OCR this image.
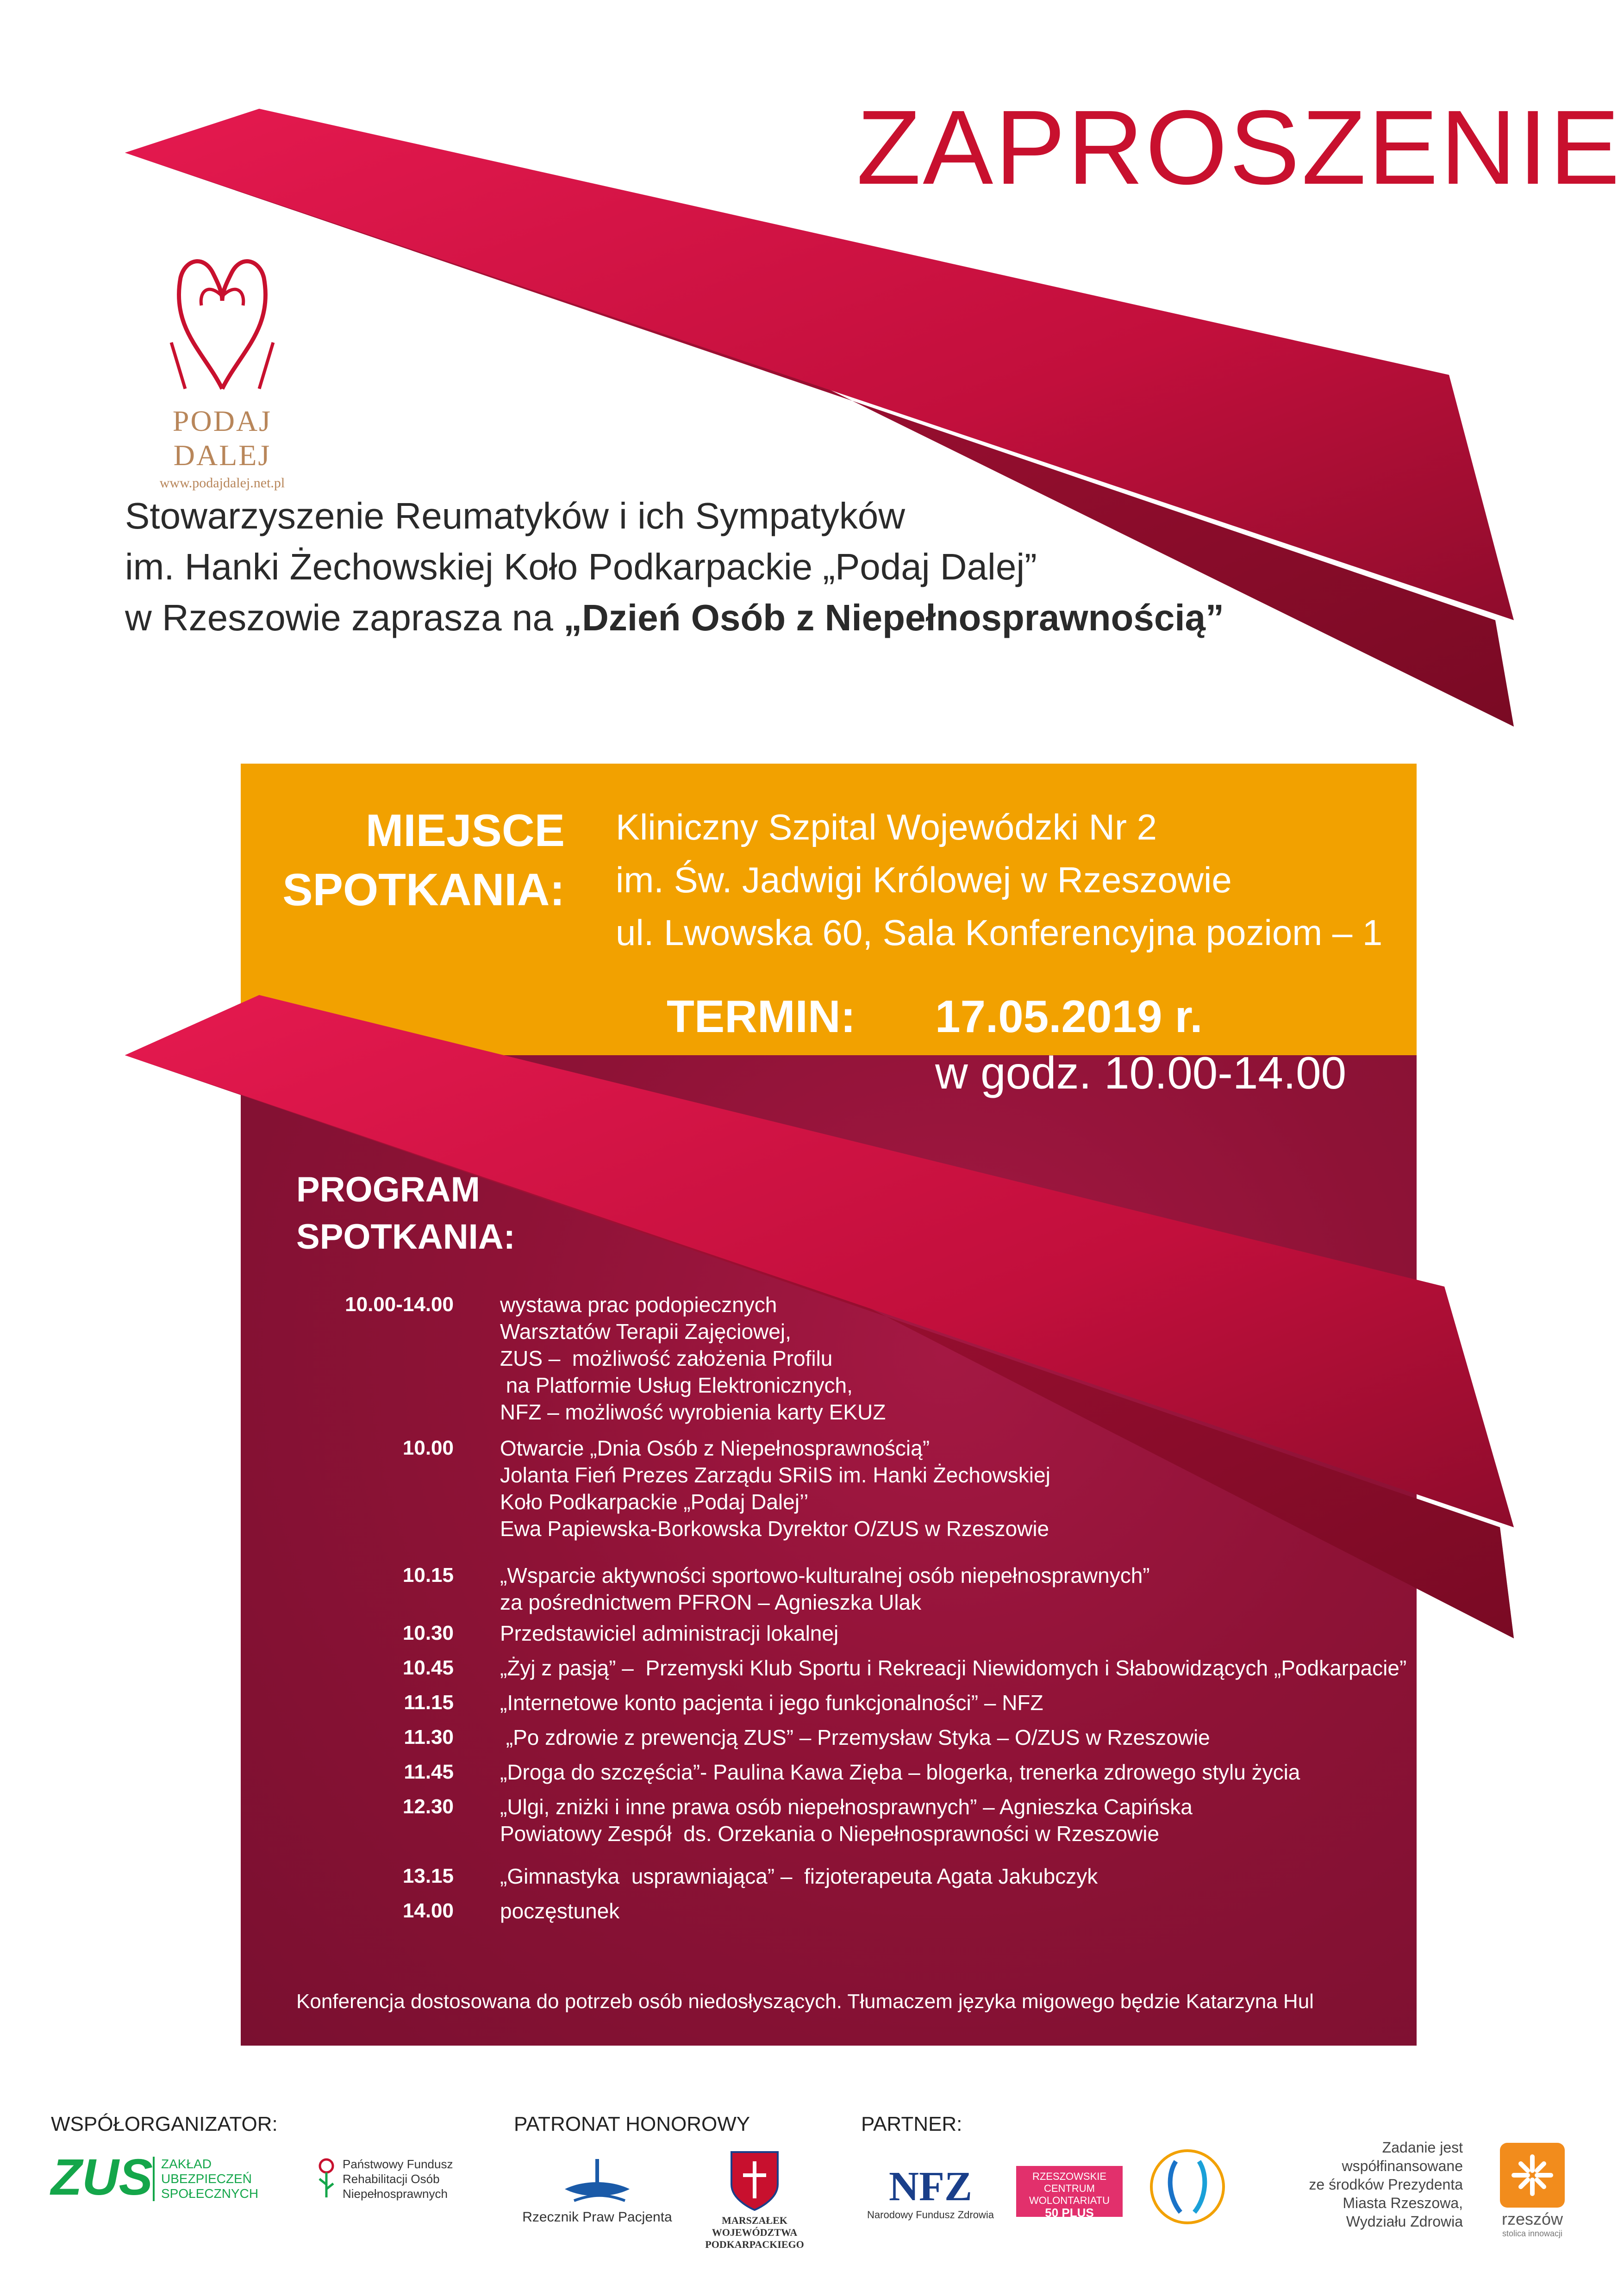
ZAPROSZENIE
PODAJ DALEJ
www.podajdalej.net.pl
Stowarzyszenie Reumatyków i ich Sympatyków
im. Hanki Żechowskiej Koło Podkarpackie „Podaj Dalej”
w Rzeszowie zaprasza na „Dzień Osób z Niepełnosprawnością”
MIEJSCE
SPOTKANIA:
Kliniczny Szpital Wojewódzki Nr 2
im. Św. Jadwigi Królowej w Rzeszowie
ul. Lwowska 60, Sala Konferencyjna poziom – 1
TERMIN: 17.05.2019 r.
w godz. 10.00-14.00
PROGRAM
SPOTKANIA:
10.00-14.00 wystawa prac podopiecznych
Warsztatów Terapii Zajęciowej,
ZUS –  możliwość założenia Profilu
na Platformie Usług Elektronicznych,
NFZ – możliwość wyrobienia karty EKUZ
10.00 Otwarcie „Dnia Osób z Niepełnosprawnością”
Jolanta Fień Prezes Zarządu SRiIS im. Hanki Żechowskiej
Koło Podkarpackie „Podaj Dalej’’
Ewa Papiewska-Borkowska Dyrektor O/ZUS w Rzeszowie
10.15 „Wsparcie aktywności sportowo-kulturalnej osób niepełnosprawnych”
za pośrednictwem PFRON – Agnieszka Ulak
10.30 Przedstawiciel administracji lokalnej
10.45 „Żyj z pasją” –  Przemyski Klub Sportu i Rekreacji Niewidomych i Słabowidzących „Podkarpacie”
11.15 „Internetowe konto pacjenta i jego funkcjonalności” – NFZ
11.30 „Po zdrowie z prewencją ZUS” – Przemysław Styka – O/ZUS w Rzeszowie
11.45 „Droga do szczęścia”- Paulina Kawa Zięba – blogerka, trenerka zdrowego stylu życia
12.30 „Ulgi, zniżki i inne prawa osób niepełnosprawnych” – Agnieszka Capińska
Powiatowy Zespół  ds. Orzekania o Niepełnosprawności w Rzeszowie
13.15 „Gimnastyka  usprawniająca” –  fizjoterapeuta Agata Jakubczyk
14.00 poczęstunek
Konferencja dostosowana do potrzeb osób niedosłyszących. Tłumaczem języka migowego będzie Katarzyna Hul
WSPÓŁORGANIZATOR:	PATRONAT HONOROWY	PARTNER:
ZUS ZAKŁAD
UBEZPIECZEŃ
SPOŁECZNYCH
Państwowy Fundusz
Rehabilitacji Osób
Niepełnosprawnych
Rzecznik Praw Pacjenta	MARSZAŁEK
WOJEWÓDZTWA
PODKARPACKIEGO
NFZ
Narodowy Fundusz Zdrowia
RZESZOWSKIE
CENTRUM
WOLONTARIATU
50 PLUS
Zadanie jest
współfinansowane
ze środków Prezydenta
Miasta Rzeszowa,
Wydziału Zdrowia	rzeszów
stolica innowacji
